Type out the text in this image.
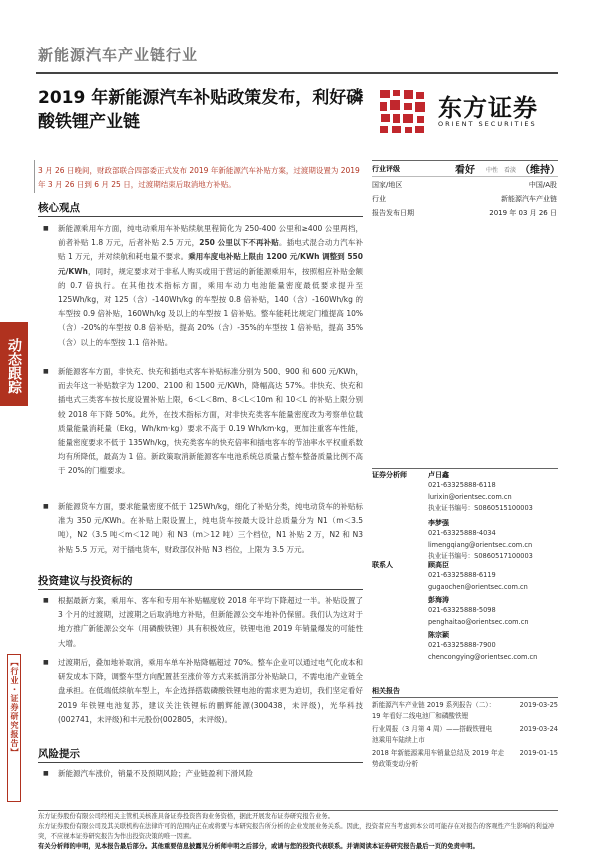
新能源汽车产业链行业
2019 年新能源汽车补贴政策发布，利好磷酸铁锂产业链	东方证券
ORIENT SECURITIES
3 月 26 日晚间，财政部联合四部委正式发布 2019 年新能源汽车补贴方案，过渡期设置为 2019 年 3 月 26 日到 6 月 25 日，过渡期结束后取消地方补贴。
核心观点
■ 新能源乘用车方面，纯电动乘用车补贴续航里程简化为 250-400 公里和≥400 公里两档，前者补贴 1.8 万元，后者补贴 2.5 万元，250 公里以下不再补贴。插电式混合动力汽车补贴 1 万元，并对续航和耗电量不要求。乘用车度电补贴上限由 1200 元/KWh 调整到 550 元/KWh，同时，规定要求对于非私人购买或用于营运的新能源乘用车，按照相应补贴金额的 0.7 倍执行。在其他技术指标方面，乘用车动力电池能量密度最低要求提升至 125Wh/kg，对 125（含）-140Wh/kg 的车型按 0.8 倍补贴，140（含）-160Wh/kg 的车型按 0.9 倍补贴，160Wh/kg 及以上的车型按 1 倍补贴。整车能耗比规定门槛提高 10%（含）-20%的车型按 0.8 倍补贴，提高 20%（含）-35%的车型按 1 倍补贴，提高 35%（含）以上的车型按 1.1 倍补贴。
■ 新能源客车方面，非快充、快充和插电式客车补贴标准分别为 500、900 和 600 元/KWh，而去年这一补贴数字为 1200、2100 和 1500 元/KWh，降幅高达 57%。非快充、快充和插电式三类客车按长度设置补贴上限，6＜L＜8m、8＜L＜10m 和 10＜L 的补贴上限分别较 2018 年下降 50%。此外，在技术指标方面，对非快充类客车能量密度改为考察单位载质量能量消耗量（Ekg，Wh/km·kg）要求不高于 0.19 Wh/km·kg，更加注重客车性能，能量密度要求不低于 135Wh/kg，快充类客车的快充倍率和插电客车的节油率水平权重系数均有所降低，最高为 1 倍。新政策取消新能源客车电池系统总质量占整车整备质量比例不高于 20%的门槛要求。
■ 新能源货车方面，要求能量密度不低于 125Wh/kg，细化了补贴分类，纯电动货车的补贴标准为 350 元/KWh。在补贴上限设置上，纯电货车按最大设计总质量分为 N1（m＜3.5 吨），N2（3.5 吨＜m＜12 吨）和 N3（m＞12 吨）三个档位，N1 补贴 2 万，N2 和 N3 补贴 5.5 万元，对于插电货车，财政部仅补贴 N3 档位，上限为 3.5 万元。
投资建议与投资标的
■ 根据最新方案，乘用车、客车和专用车补贴幅度较 2018 年平均下降超过一半。补贴设置了 3 个月的过渡期，过渡期之后取消地方补贴，但新能源公交车地补仍保留。我们认为这对于地方推广新能源公交车（用磷酸铁锂）具有积极效应，铁锂电池 2019 年销量爆发的可能性大增。
■ 过渡期后，叠加地补取消，乘用车单车补贴降幅超过 70%。整车企业可以通过电气化成本和研发成本下降，调整车型方向配置甚至涨价等方式来抵消部分补贴缺口，不需电池产业链全盘承担。在低端低续航车型上，车企选择搭载磷酸铁锂电池的需求更为迫切，我们坚定看好 2019 年铁锂电池复苏，建议关注铁锂标的鹏辉能源(300438，未评级)，光华科技(002741，未评级)和丰元股份(002805，未评级)。
风险提示
■ 新能源汽车涨价，销量不及预期风险；产业链盈利下滑风险
动态跟踪
【行业・证券研究报告】
行业评级	看好 中性 看淡 （维持）
国家/地区	中国/A股
行业	新能源汽车产业链
报告发布日期	2019 年 03 月 26 日
证券分析师	卢日鑫
021-63325888-6118
lurixin@orientsec.com.cn
执业证书编号：S0860515100003
李梦强
021-63325888-4034
limengqiang@orientsec.com.cn
执业证书编号：S0860517100003
联系人	顾高臣
021-63325888-6119
gugaochen@orientsec.com.cn
彭海涛
021-63325888-5098
penghaitao@orientsec.com.cn
陈宗颖
021-63325888-7900
chencongying@orientsec.com.cn
相关报告
新能源汽车产业链 2019 系列报告（二）：
19 年看好二线电池厂和磷酸铁锂
2019-03-25
行业周报（3 月第 4 周）——搭载铁锂电
池乘用车陆续上市
2019-03-24
2018 年新能源乘用车销量总结及 2019 年走
势政策变动分析
2019-01-15
东方证券股份有限公司经相关主管机关核准具备证券投资咨询业务资格，据此开展发布证券研究报告业务。
东方证券股份有限公司及其关联机构在法律许可的范围内正在或将要与本研究报告所分析的企业发展业务关系。因此，投资者应当考虑到本公司可能存在对报告的客观性产生影响的利益冲突，不应视本证券研究报告为作出投资决策的唯一因素。
有关分析师的申明，见本报告最后部分。其他重要信息披露见分析师申明之后部分，或请与您的投资代表联系。并请阅读本证券研究报告最后一页的免责申明。
